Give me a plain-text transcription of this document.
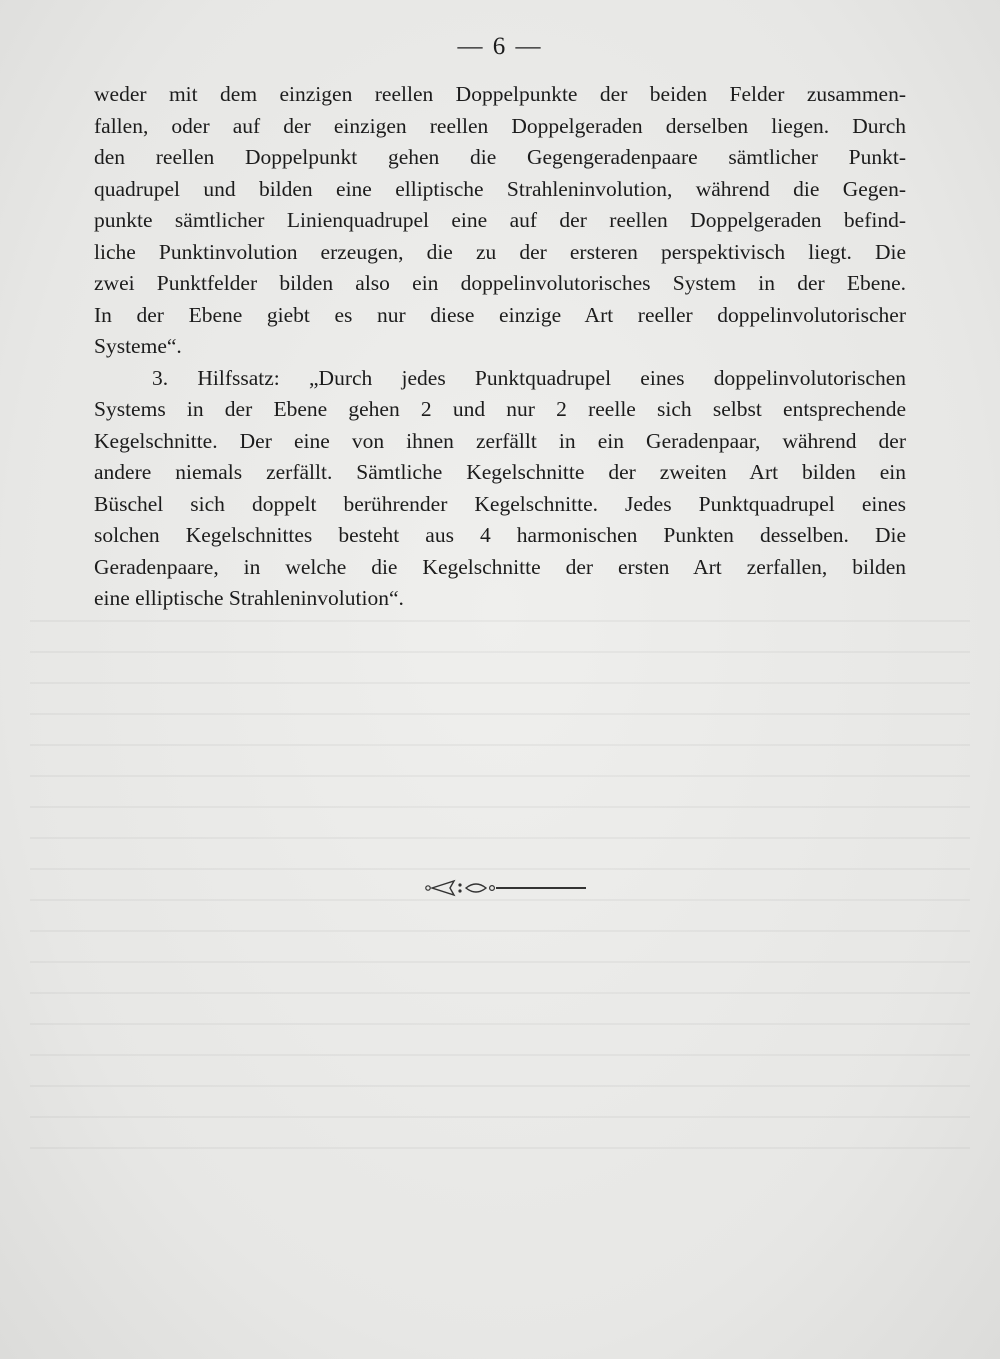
— 6 —
weder mit dem einzigen reellen Doppelpunkte der beiden Felder zusammen-
fallen, oder auf der einzigen reellen Doppelgeraden derselben liegen. Durch
den reellen Doppelpunkt gehen die Gegengeradenpaare sämtlicher Punkt-
quadrupel und bilden eine elliptische Strahleninvolution, während die Gegen-
punkte sämtlicher Linienquadrupel eine auf der reellen Doppelgeraden befind-
liche Punktinvolution erzeugen, die zu der ersteren perspektivisch liegt. Die
zwei Punktfelder bilden also ein doppelinvolutorisches System in der Ebene.
In der Ebene giebt es nur diese einzige Art reeller doppelinvolutorischer
Systeme“.
3. Hilfssatz: „Durch jedes Punktquadrupel eines doppelinvolutorischen
Systems in der Ebene gehen 2 und nur 2 reelle sich selbst entsprechende
Kegelschnitte. Der eine von ihnen zerfällt in ein Geradenpaar, während der
andere niemals zerfällt. Sämtliche Kegelschnitte der zweiten Art bilden ein
Büschel sich doppelt berührender Kegelschnitte. Jedes Punktquadrupel eines
solchen Kegelschnittes besteht aus 4 harmonischen Punkten desselben. Die
Geradenpaare, in welche die Kegelschnitte der ersten Art zerfallen, bilden
eine elliptische Strahleninvolution“.
